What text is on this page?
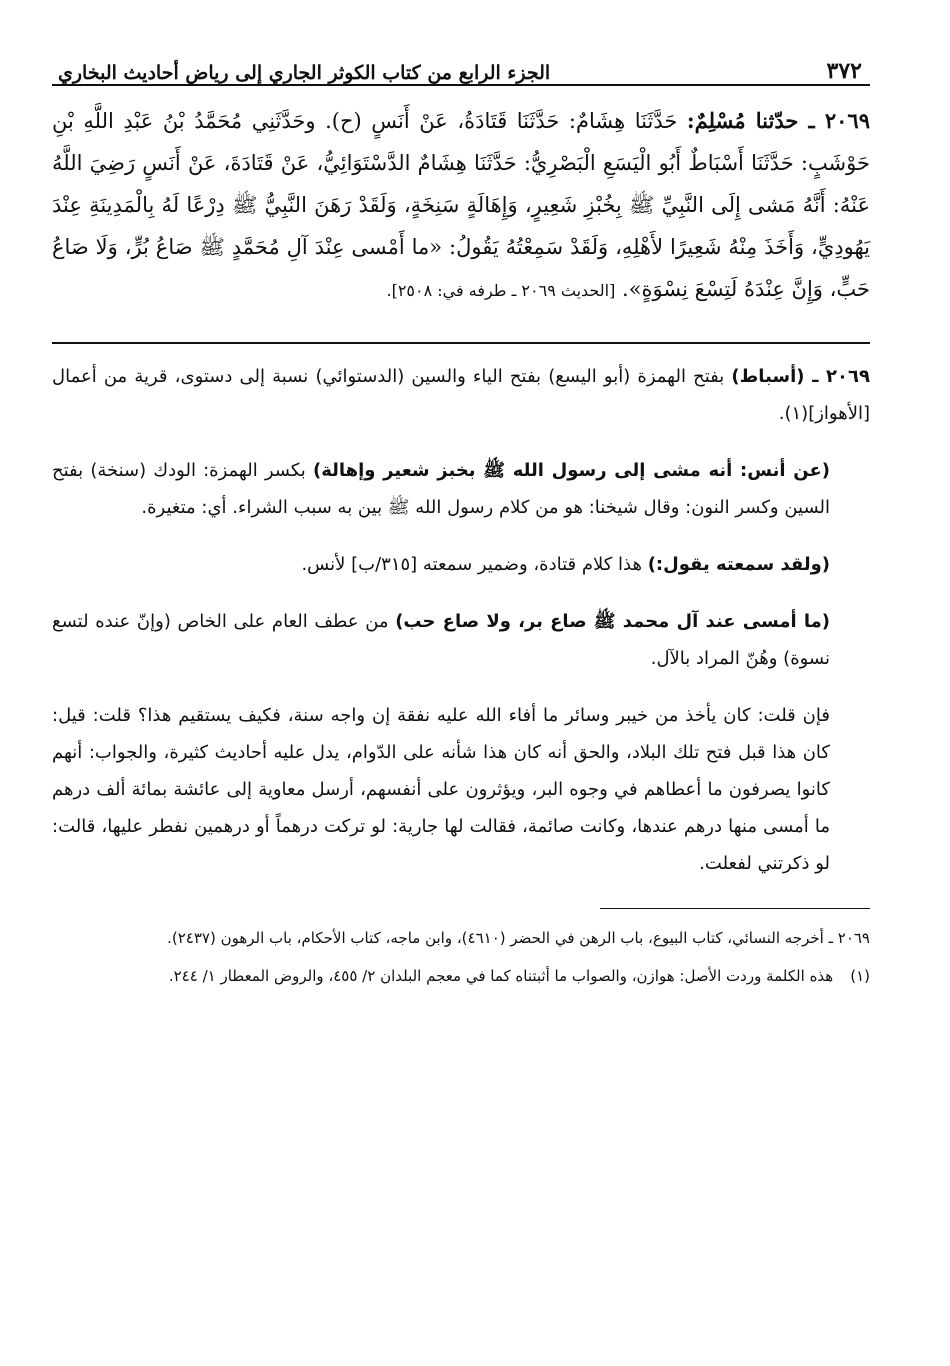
٣٧٢
الجزء الرابع من كتاب الكوثر الجاري إلى رياض أحاديث البخاري
٢٠٦٩ ـ حدّثنا مُسْلِمٌ: حَدَّثَنَا هِشَامٌ: حَدَّثَنَا قَتَادَةُ، عَنْ أَنَسٍ (ح). وحَدَّثَنِي مُحَمَّدُ بْنُ عَبْدِ اللَّهِ بْنِ حَوْشَبٍ: حَدَّثَنَا أَسْبَاطٌ أَبُو الْيَسَعِ الْبَصْرِيُّ: حَدَّثَنَا هِشَامٌ الدَّسْتَوَائِيُّ، عَنْ قَتَادَةَ، عَنْ أَنَسٍ رَضِيَ اللَّهُ عَنْهُ: أَنَّهُ مَشى إِلَى النَّبِيِّ ﷺ بِخُبْزِ شَعِيرٍ، وَإِهَالَةٍ سَنِخَةٍ، وَلَقَدْ رَهَنَ النَّبِيُّ ﷺ دِرْعًا لَهُ بِالْمَدِينَةِ عِنْدَ يَهُودِيٍّ، وَأَخَذَ مِنْهُ شَعِيرًا لأَهْلِهِ، وَلَقَدْ سَمِعْتُهُ يَقُولُ: «ما أَمْسى عِنْدَ آلِ مُحَمَّدٍ ﷺ صَاعُ بُرٍّ، وَلَا صَاعُ حَبٍّ، وَإِنَّ عِنْدَهُ لَتِسْعَ نِسْوَةٍ». [الحديث ٢٠٦٩ ـ طرفه في: ٢٥٠٨].

٢٠٦٩ ـ (أسباط) بفتح الهمزة (أبو اليسع) بفتح الياء والسين (الدستوائي) نسبة إلى دستوى، قرية من أعمال [الأهواز](١).

(عن أنس: أنه مشى إلى رسول الله ﷺ بخبز شعير وإهالة) بكسر الهمزة: الودك (سنخة) بفتح السين وكسر النون: وقال شيخنا: هو من كلام رسول الله ﷺ بين به سبب الشراء. أي: متغيرة.

(ولقد سمعته يقول:) هذا كلام قتادة، وضمير سمعته [٣١٥/ب] لأنس.

(ما أمسى عند آل محمد ﷺ صاع بر، ولا صاع حب) من عطف العام على الخاص (وإنّ عنده لتسع نسوة) وهُنّ المراد بالآل.

فإن قلت: كان يأخذ من خيبر وسائر ما أفاء الله عليه نفقة إن واجه سنة، فكيف يستقيم هذا؟ قلت: قيل: كان هذا قبل فتح تلك البلاد، والحق أنه كان هذا شأنه على الدّوام، يدل عليه أحاديث كثيرة، والجواب: أنهم كانوا يصرفون ما أعطاهم في وجوه البر، ويؤثرون على أنفسهم، أرسل معاوية إلى عائشة بمائة ألف درهم ما أمسى منها درهم عندها، وكانت صائمة، فقالت لها جارية: لو تركت درهماً أو درهمين نفطر عليها، قالت: لو ذكرتني لفعلت.

٢٠٦٩ ـ أخرجه النسائي، كتاب البيوع، باب الرهن في الحضر (٤٦١٠)، وابن ماجه، كتاب الأحكام، باب الرهون (٢٤٣٧).
(١) هذه الكلمة وردت الأصل: هوازن، والصواب ما أثبتناه كما في معجم البلدان ٢/ ٤٥٥، والروض المعطار ١/ ٢٤٤.
